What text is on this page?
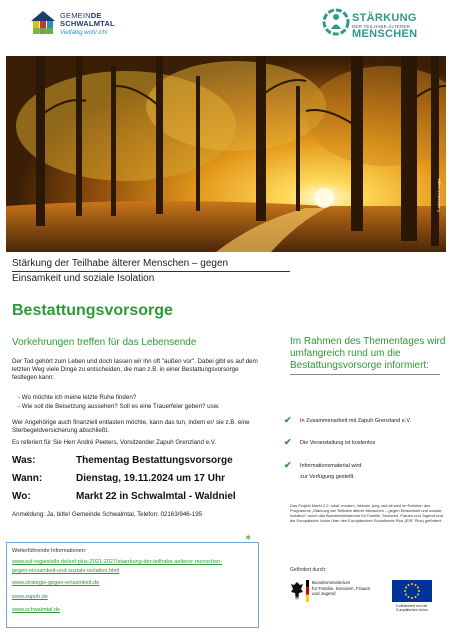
GEMEINDE
SCHWALMTAL
Vielfältig wohl ich!
STÄRKUNG
DER TEILHABE ÄLTERER
MENSCHEN
© adobestock images
Stärkung der Teilhabe älterer Menschen – gegen
Einsamkeit und soziale Isolation
Bestattungsvorsorge
Vorkehrungen treffen für das Lebensende
Der Tod gehört zum Leben und doch lassen wir ihn oft "außen vor". Dabei gibt es auf dem letzten Weg viele Dinge zu entscheiden, die man z.B. in einer Bestattungsvorsorge festlegen kann:
- Wo möchte ich meine letzte Ruhe finden?
- Wie soll die Beisetzung aussehen? Soll es eine Trauerfeier geben? usw.
Wer Angehörige auch finanziell entlasten möchte, kann das tun, indem er/ sie z.B. eine Sterbegeldversicherung abschließt.
Es referiert für Sie Herr André Peeters, Vorsitzender Zapuh Grenzland e.V.
Was:	Thementag Bestattungsvorsorge
Wann:	Dienstag, 19.11.2024 um 17 Uhr
Wo:	Markt 22 in Schwalmtal - Waldniel
Anmeldung: Ja, bitte! Gemeinde Schwalmtal, Telefon: 02163/946-195
✶
Weiterführende Informationen:
www.esf-regiestelle.de/esf-plus-2021-2027/staerkung-der-teilhabe-aelterer-menschen-
gegen-einsamkeit-und-soziale-isolation.html
www.strategie-gegen-einsamkeit.de
www.zapuh.de
www.schwalmtal.de
Im Rahmen des Thementages wird umfangreich rund um die Bestattungsvorsorge informiert:
✔ In Zusammenarbeit mit Zapuh Grenzland e.V.
✔ Die Veranstaltung ist kostenlos
✔ Informationsmaterial wird
zur Verfügung gestellt.
Das Projekt Markt 2.2: lokal, modern, inklusiv, jung und alt wird im Rahmen des Programms „Stärkung der Teilhabe älterer Menschen – gegen Einsamkeit und soziale Isolation" durch das Bundesministerium für Familie, Senioren, Frauen und Jugend und die Europäische Union über den Europäischen Sozialfonds Plus (ESF Plus) gefördert.
Gefördert durch:
Bundesministerium
für Familie, Senioren, Frauen
und Jugend
Kofinanziert von der
Europäischen Union
